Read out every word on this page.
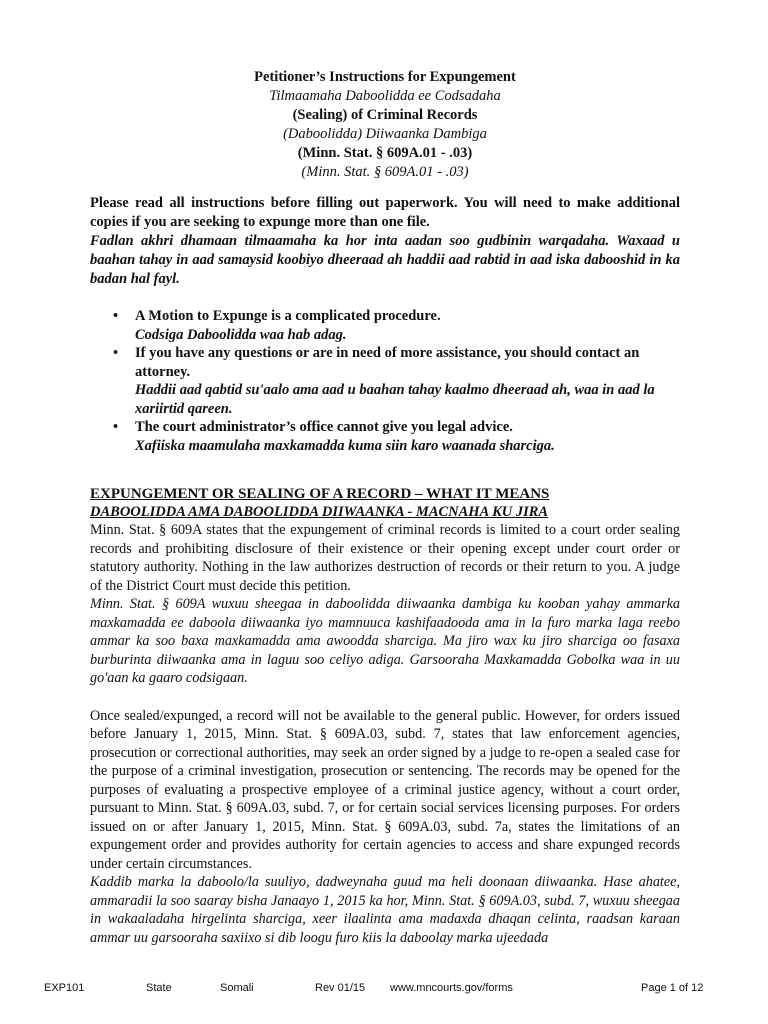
Petitioner’s Instructions for Expungement
Tilmaamaha Daboolidda ee Codsadaha
(Sealing) of Criminal Records
(Daboolidda) Diiwaanka Dambiga
(Minn. Stat. § 609A.01 - .03)
(Minn. Stat. § 609A.01 - .03)
Please read all instructions before filling out paperwork. You will need to make additional copies if you are seeking to expunge more than one file.
Fadlan akhri dhamaan tilmaamaha ka hor inta aadan soo gudbinin warqadaha. Waxaad u baahan tahay in aad samaysid koobiyo dheeraad ah haddii aad rabtid in aad iska dabooshid in ka badan hal fayl.
• A Motion to Expunge is a complicated procedure.
Codsiga Daboolidda waa hab adag.
• If you have any questions or are in need of more assistance, you should contact an attorney.
Haddii aad qabtid su'aalo ama aad u baahan tahay kaalmo dheeraad ah, waa in aad la xariirtid qareen.
• The court administrator’s office cannot give you legal advice.
Xafiiska maamulaha maxkamadda kuma siin karo waanada sharciga.
EXPUNGEMENT OR SEALING OF A RECORD – WHAT IT MEANS
DABOOLIDDA AMA DABOOLIDDA DIIWAANKA - MACNAHA KU JIRA

Minn. Stat. § 609A states that the expungement of criminal records is limited to a court order sealing records and prohibiting disclosure of their existence or their opening except under court order or statutory authority. Nothing in the law authorizes destruction of records or their return to you. A judge of the District Court must decide this petition.

Minn. Stat. § 609A wuxuu sheegaa in daboolidda diiwaanka dambiga ku kooban yahay ammarka maxkamadda ee daboola diiwaanka iyo mamnuuca kashifaadooda ama in la furo marka laga reebo ammar ka soo baxa maxkamadda ama awoodda sharciga. Ma jiro wax ku jiro sharciga oo fasaxa burburinta diiwaanka ama in laguu soo celiyo adiga. Garsooraha Maxkamadda Gobolka waa in uu go'aan ka gaaro codsigaan.

Once sealed/expunged, a record will not be available to the general public. However, for orders issued before January 1, 2015, Minn. Stat. § 609A.03, subd. 7, states that law enforcement agencies, prosecution or correctional authorities, may seek an order signed by a judge to re-open a sealed case for the purpose of a criminal investigation, prosecution or sentencing. The records may be opened for the purposes of evaluating a prospective employee of a criminal justice agency, without a court order, pursuant to Minn. Stat. § 609A.03, subd. 7, or for certain social services licensing purposes. For orders issued on or after January 1, 2015, Minn. Stat. § 609A.03, subd. 7a, states the limitations of an expungement order and provides authority for certain agencies to access and share expunged records under certain circumstances.

Kaddib marka la daboolo/la suuliyo, dadweynaha guud ma heli doonaan diiwaanka. Hase ahatee, ammaradii la soo saaray bisha Janaayo 1, 2015 ka hor, Minn. Stat. § 609A.03, subd. 7, wuxuu sheegaa in wakaaladaha hirgelinta sharciga, xeer ilaalinta ama madaxda dhaqan celinta, raadsan karaan ammar uu garsooraha saxiixo si dib loogu furo kiis la daboolay marka ujeedada

EXP101	State	Somali	Rev 01/15 www.mncourts.gov/forms	Page 1 of 12
